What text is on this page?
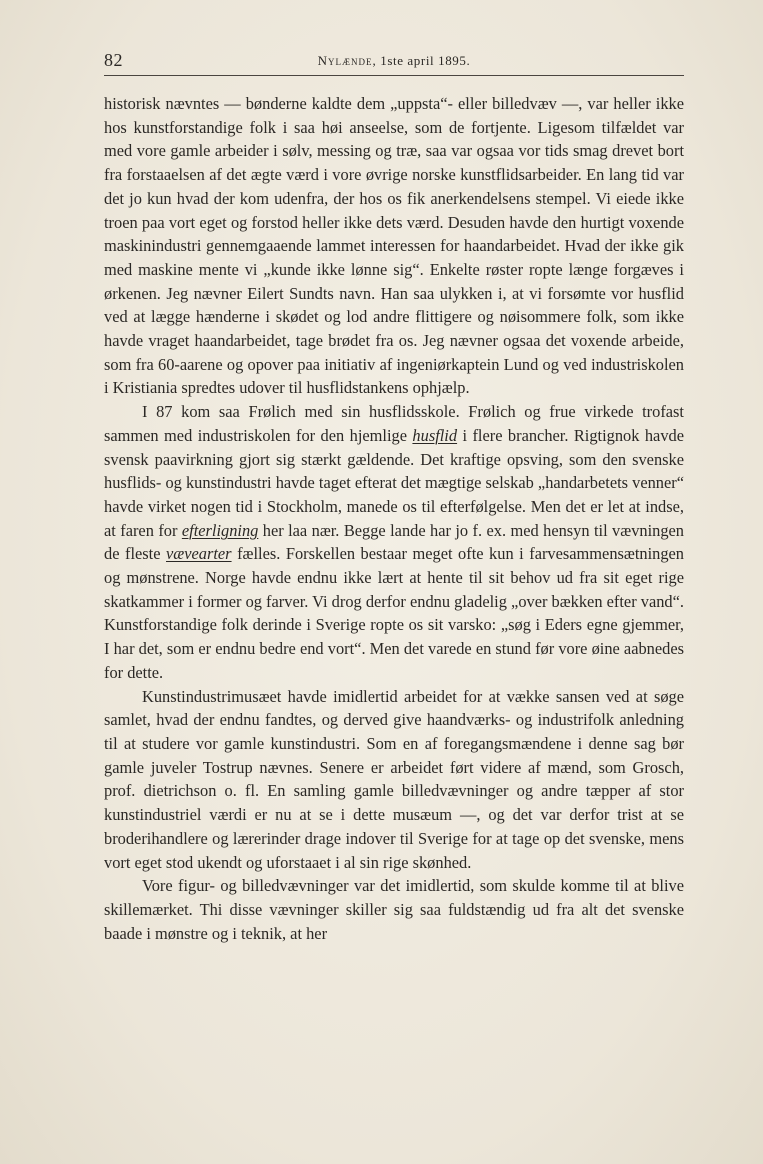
82	Nylænde, 1ste april 1895.

historisk nævntes — bønderne kaldte dem „uppsta“- eller billedvæv —, var heller ikke hos kunstforstandige folk i saa høi anseelse, som de fortjente. Ligesom tilfældet var med vore gamle arbeider i sølv, messing og træ, saa var ogsaa vor tids smag drevet bort fra forstaaelsen af det ægte værd i vore øvrige norske kunstflidsarbeider. En lang tid var det jo kun hvad der kom udenfra, der hos os fik anerkendelsens stempel. Vi eiede ikke troen paa vort eget og forstod heller ikke dets værd. Desuden havde den hurtigt voxende maskinindustri gennemgaaende lammet interessen for haandarbeidet. Hvad der ikke gik med maskine mente vi „kunde ikke lønne sig“. Enkelte røster ropte længe forgæves i ørkenen. Jeg nævner Eilert Sundts navn. Han saa ulykken i, at vi forsømte vor husflid ved at lægge hænderne i skødet og lod andre flittigere og nøisommere folk, som ikke havde vraget haandarbeidet, tage brødet fra os. Jeg nævner ogsaa det voxende arbeide, som fra 60-aarene og opover paa initiativ af ingeniørkaptein Lund og ved industriskolen i Kristiania spredtes udover til husflidstankens ophjælp.

I 87 kom saa Frølich med sin husflidsskole. Frølich og frue virkede trofast sammen med industriskolen for den hjemlige husflid i flere brancher. Rigtignok havde svensk paavirkning gjort sig stærkt gældende. Det kraftige opsving, som den svenske husflids- og kunstindustri havde taget efterat det mægtige selskab „handarbetets venner“ havde virket nogen tid i Stockholm, manede os til efterfølgelse. Men det er let at indse, at faren for efterligning her laa nær. Begge lande har jo f. ex. med hensyn til vævningen de fleste vævearter fælles. Forskellen bestaar meget ofte kun i farvesammensætningen og mønstrene. Norge havde endnu ikke lært at hente til sit behov ud fra sit eget rige skatkammer i former og farver. Vi drog derfor endnu gladelig „over bækken efter vand“. Kunstforstandige folk derinde i Sverige ropte os sit varsko: „søg i Eders egne gjemmer, I har det, som er endnu bedre end vort“. Men det varede en stund før vore øine aabnedes for dette.

Kunstindustrimusæet havde imidlertid arbeidet for at vække sansen ved at søge samlet, hvad der endnu fandtes, og derved give haandværks- og industrifolk anledning til at studere vor gamle kunstindustri. Som en af foregangsmændene i denne sag bør gamle juveler Tostrup nævnes. Senere er arbeidet ført videre af mænd, som Grosch, prof. dietrichson o. fl. En samling gamle billedvævninger og andre tæpper af stor kunstindustriel værdi er nu at se i dette musæum —, og det var derfor trist at se broderihandlere og lærerinder drage indover til Sverige for at tage op det svenske, mens vort eget stod ukendt og uforstaaet i al sin rige skønhed.

Vore figur- og billedvævninger var det imidlertid, som skulde komme til at blive skillemærket. Thi disse vævninger skiller sig saa fuldstændig ud fra alt det svenske baade i mønstre og i teknik, at her
